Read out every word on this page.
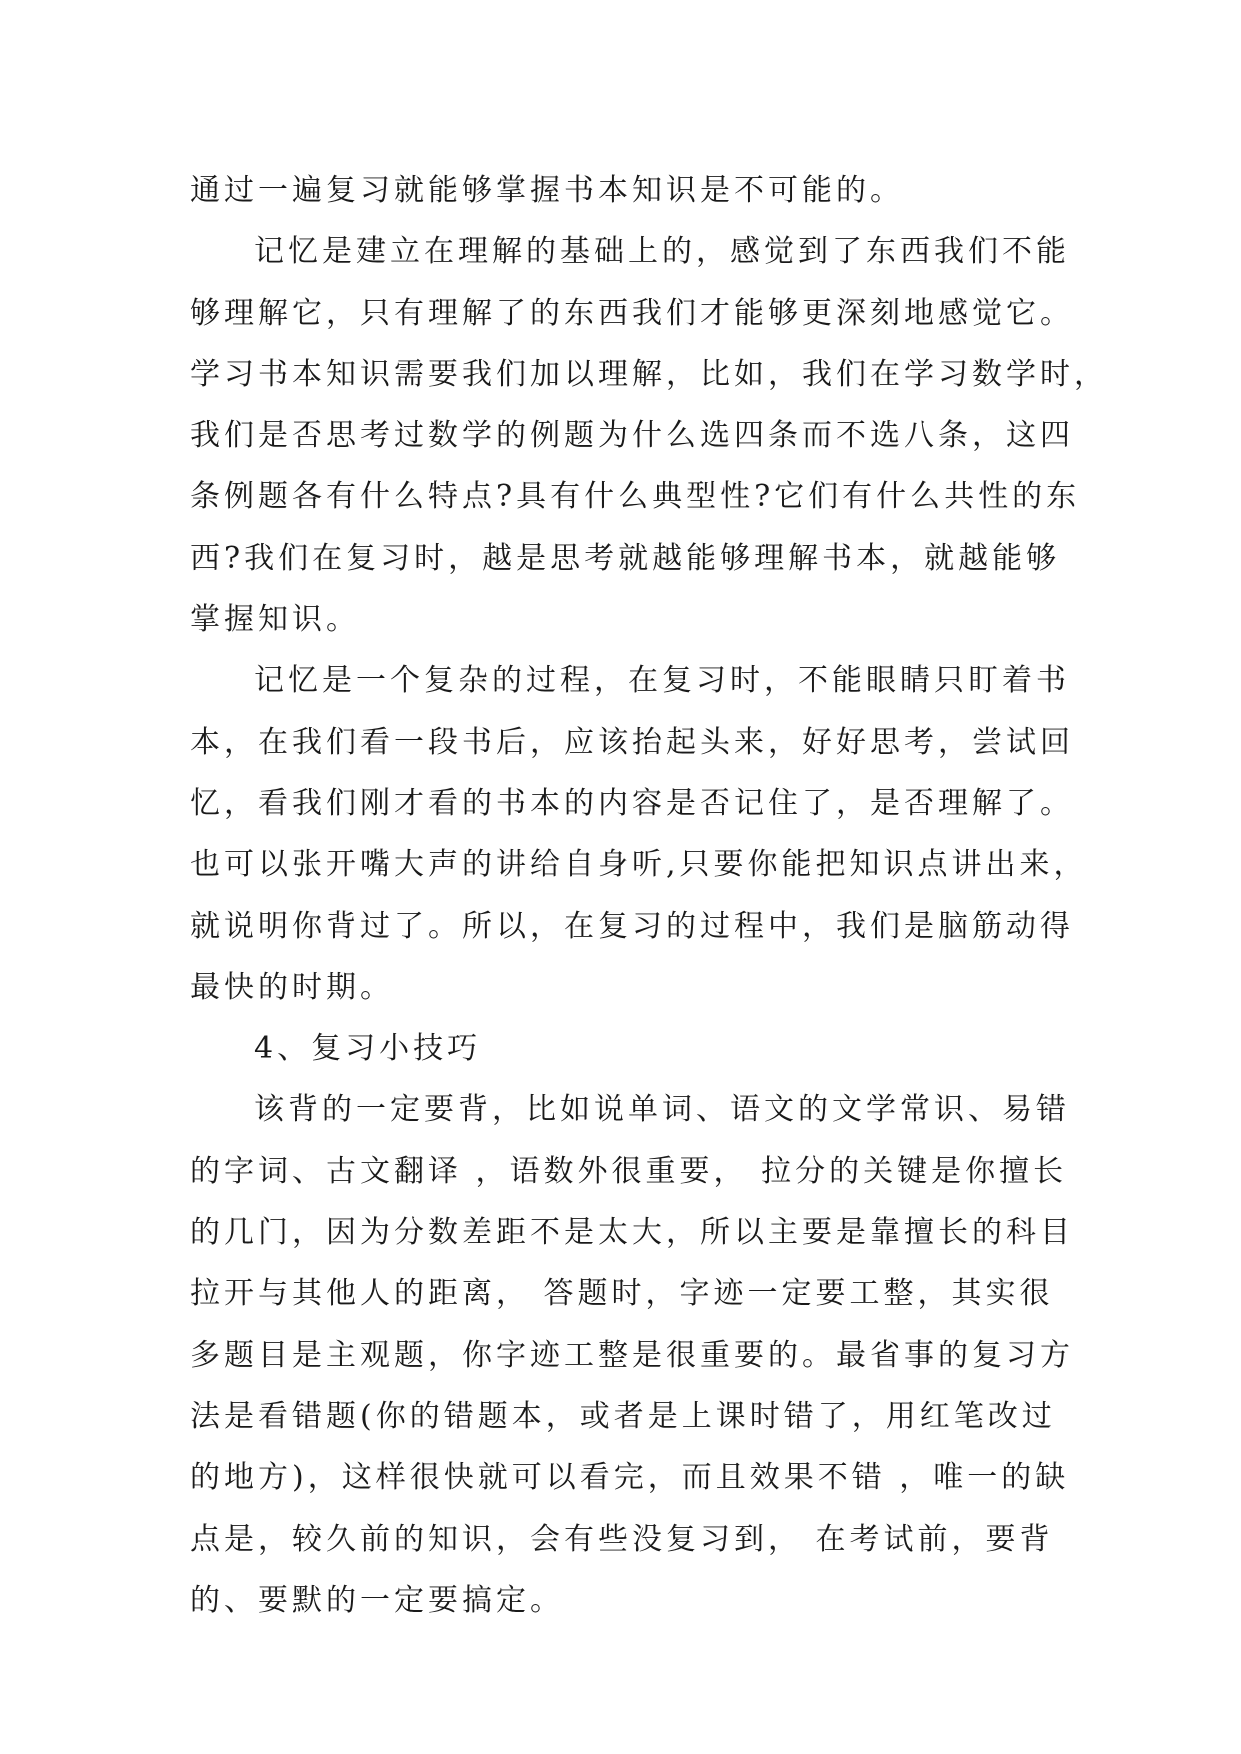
通过一遍复习就能够掌握书本知识是不可能的。
记忆是建立在理解的基础上的，感觉到了东西我们不能
够理解它，只有理解了的东西我们才能够更深刻地感觉它。
学习书本知识需要我们加以理解，比如，我们在学习数学时，
我们是否思考过数学的例题为什么选四条而不选八条，这四
条例题各有什么特点?具有什么典型性?它们有什么共性的东
西?我们在复习时，越是思考就越能够理解书本，就越能够
掌握知识。
记忆是一个复杂的过程，在复习时，不能眼睛只盯着书
本，在我们看一段书后，应该抬起头来，好好思考，尝试回
忆，看我们刚才看的书本的内容是否记住了，是否理解了。
也可以张开嘴大声的讲给自身听,只要你能把知识点讲出来，
就说明你背过了。所以，在复习的过程中，我们是脑筋动得
最快的时期。
4、复习小技巧
该背的一定要背，比如说单词、语文的文学常识、易错
的字词、古文翻译 ，语数外很重要， 拉分的关键是你擅长
的几门，因为分数差距不是太大，所以主要是靠擅长的科目
拉开与其他人的距离， 答题时，字迹一定要工整，其实很
多题目是主观题，你字迹工整是很重要的。最省事的复习方
法是看错题(你的错题本，或者是上课时错了，用红笔改过
的地方)，这样很快就可以看完，而且效果不错 ，唯一的缺
点是，较久前的知识，会有些没复习到， 在考试前，要背
的、要默的一定要搞定。
